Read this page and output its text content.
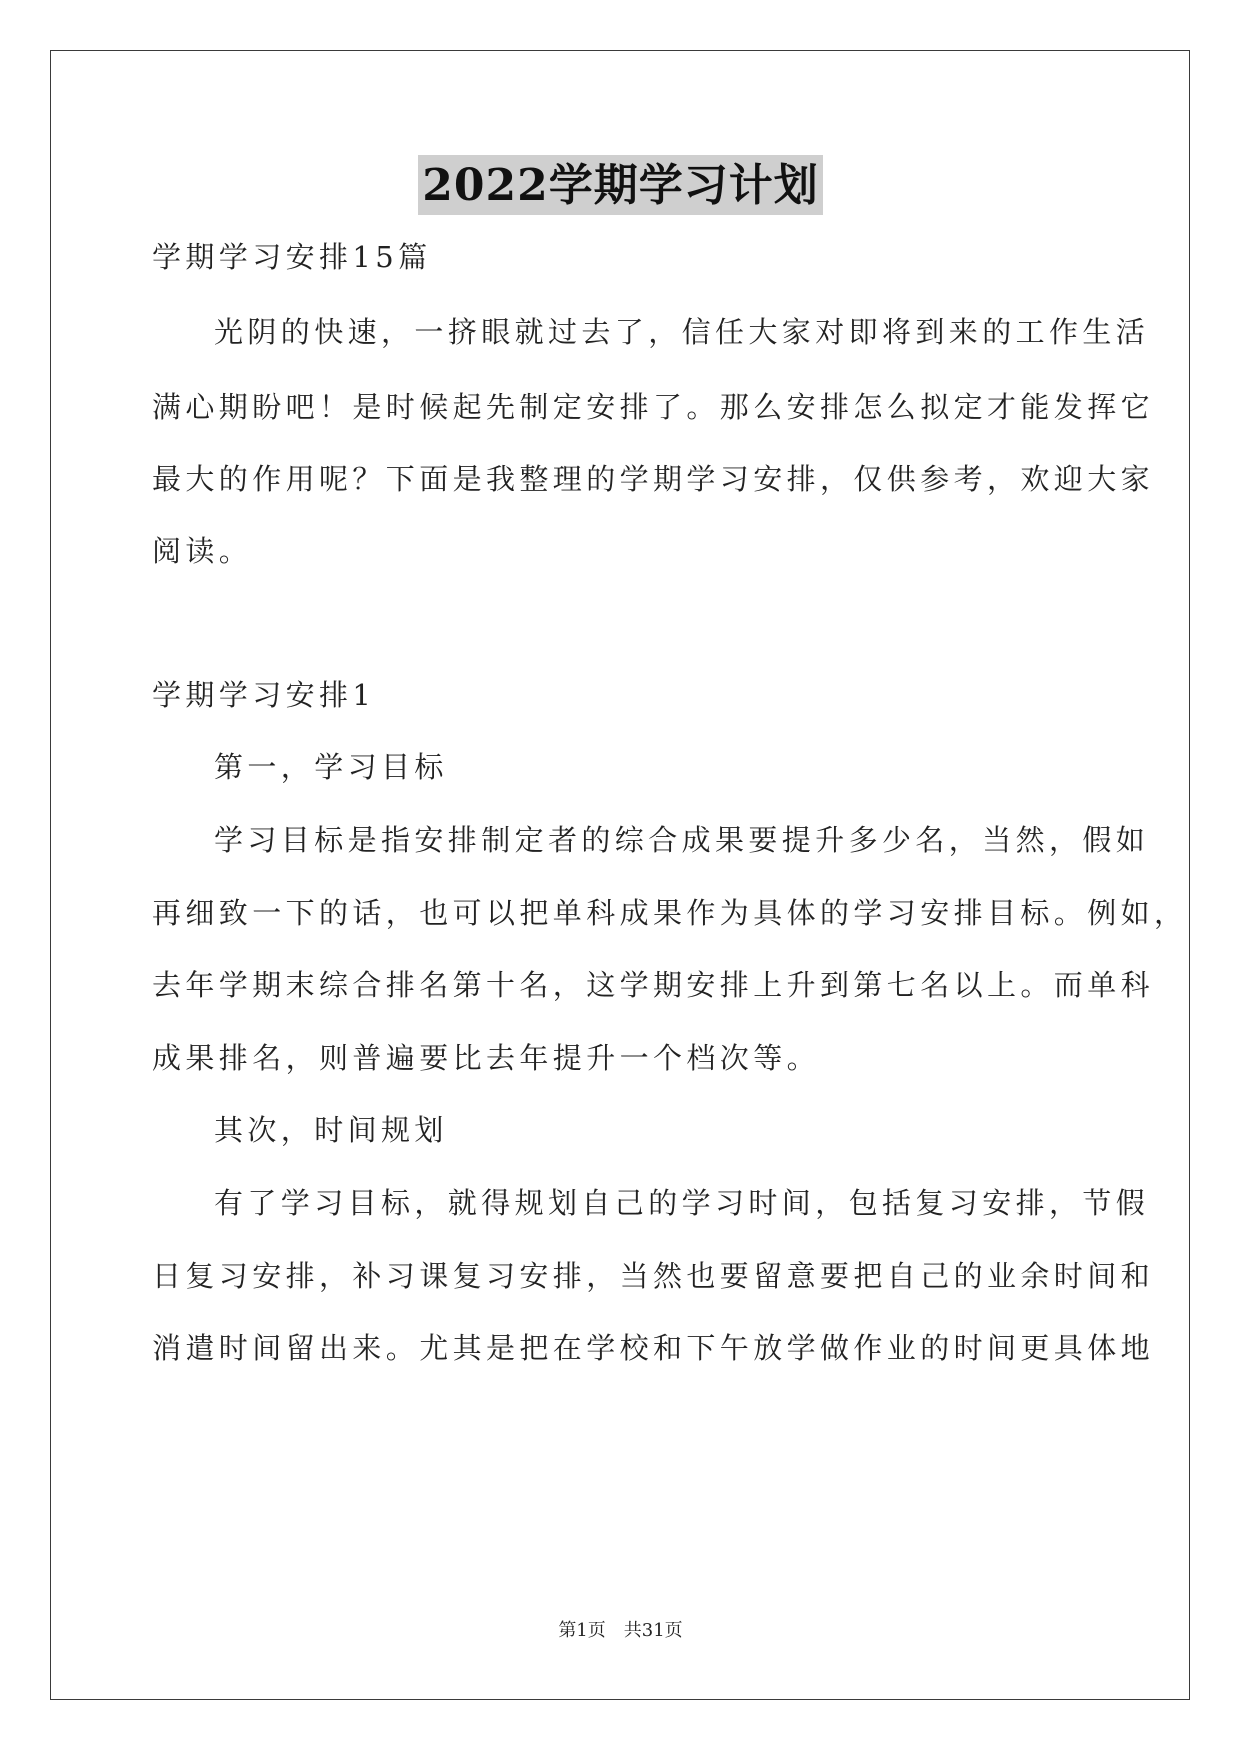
2022学期学习计划
学期学习安排15篇
光阴的快速，一挤眼就过去了，信任大家对即将到来的工作生活
满心期盼吧！是时候起先制定安排了。那么安排怎么拟定才能发挥它
最大的作用呢？下面是我整理的学期学习安排，仅供参考，欢迎大家
阅读。
学期学习安排1
第一，学习目标
学习目标是指安排制定者的综合成果要提升多少名，当然，假如
再细致一下的话，也可以把单科成果作为具体的学习安排目标。例如，
去年学期末综合排名第十名，这学期安排上升到第七名以上。而单科
成果排名，则普遍要比去年提升一个档次等。
其次，时间规划
有了学习目标，就得规划自己的学习时间，包括复习安排，节假
日复习安排，补习课复习安排，当然也要留意要把自己的业余时间和
消遣时间留出来。尤其是把在学校和下午放学做作业的时间更具体地
第1页 共31页
